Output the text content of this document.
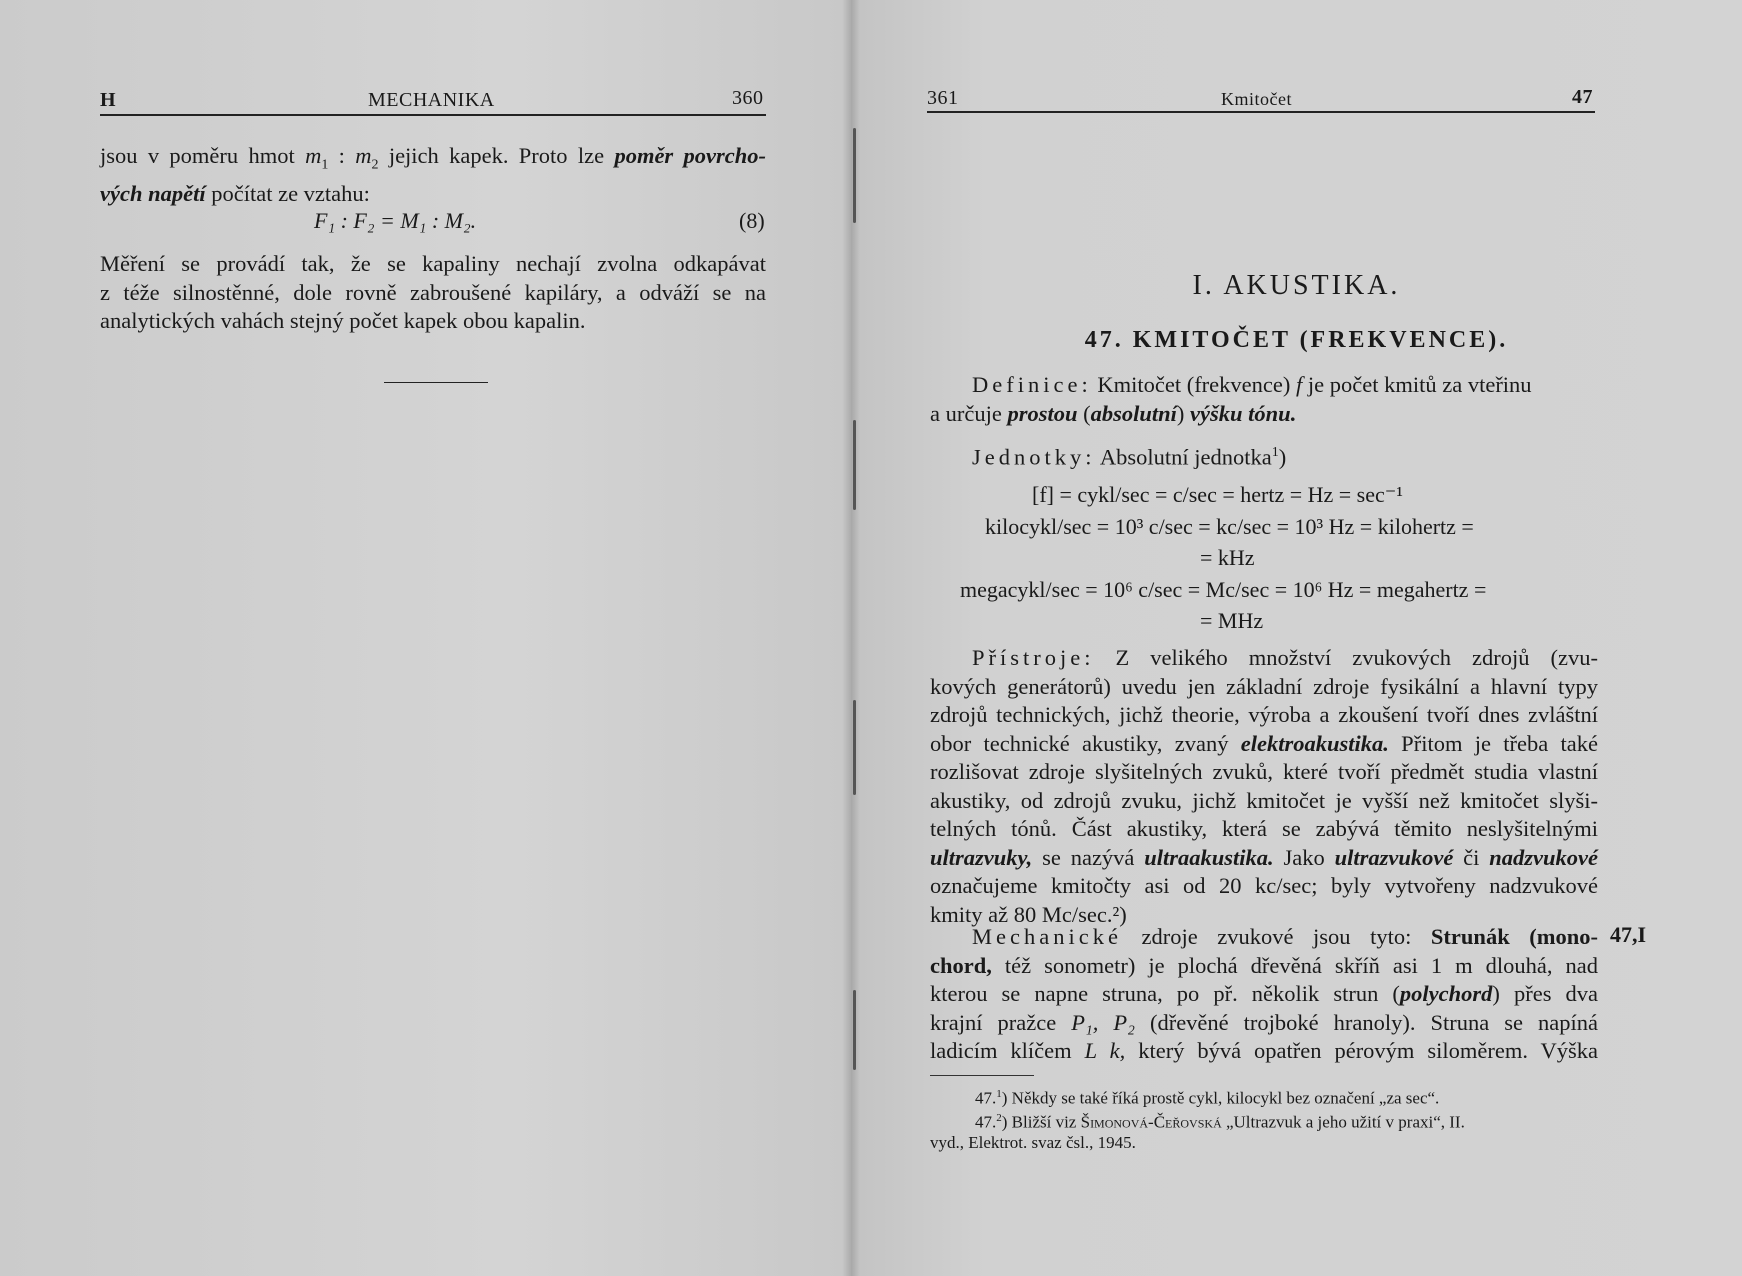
H	MECHANIKA	360
jsou v poměru hmot $m_1$ : $m_2$ jejich kapek. Proto lze poměr povrcho-
vých napětí počítat ze vztahu:
F₁ : F₂ = M₁ : M₂.	(8)
Měření se provádí tak, že se kapaliny nechají zvolna odkapávat
z téže silnostěnné, dole rovně zabroušené kapiláry, a odváží se na
analytických vahách stejný počet kapek obou kapalin.
361	Kmitočet	47
I. AKUSTIKA.
47. KMITOČET (FREKVENCE).
Definice: Kmitočet (frekvence) f je počet kmitů za vteřinu
a určuje prostou (absolutní) výšku tónu.
Jednotky: Absolutní jednotka$^1$)
[f] = cykl/sec = c/sec = hertz = Hz = sec⁻¹
kilocykl/sec = 10³ c/sec = kc/sec = 10³ Hz = kilohertz =
= kHz
megacykl/sec = 10⁶ c/sec = Mc/sec = 10⁶ Hz = megahertz =
= MHz
Přístroje: Z velikého množství zvukových zdrojů (zvu-
kových generátorů) uvedu jen základní zdroje fysikální a hlavní typy
zdrojů technických, jichž theorie, výroba a zkoušení tvoří dnes zvláštní
obor technické akustiky, zvaný elektroakustika. Přitom je třeba také
rozlišovat zdroje slyšitelných zvuků, které tvoří předmět studia vlastní
akustiky, od zdrojů zvuku, jichž kmitočet je vyšší než kmitočet slyši-
telných tónů. Část akustiky, která se zabývá těmito neslyšitelnými
ultrazvuky, se nazývá ultraakustika. Jako ultrazvukové či nadzvukové
označujeme kmitočty asi od 20 kc/sec; byly vytvořeny nadzvukové
kmity až 80 Mc/sec.²)
Mechanické zdroje zvukové jsou tyto: Strunák (mono-
chord, též sonometr) je plochá dřevěná skříň asi 1 m dlouhá, nad
kterou se napne struna, po př. několik strun (polychord) přes dva
krajní pražce P₁, P₂ (dřevěné trojboké hranoly). Struna se napíná
ladicím klíčem L k, který bývá opatřen pérovým siloměrem. Výška
47,I
47.$^1$) Někdy se také říká prostě cykl, kilocykl bez označení „za sec“.
47.$^2$) Bližší viz Šimonová-Čeřovská „Ultrazvuk a jeho užití v praxi“, II.
vyd., Elektrot. svaz čsl., 1945.
